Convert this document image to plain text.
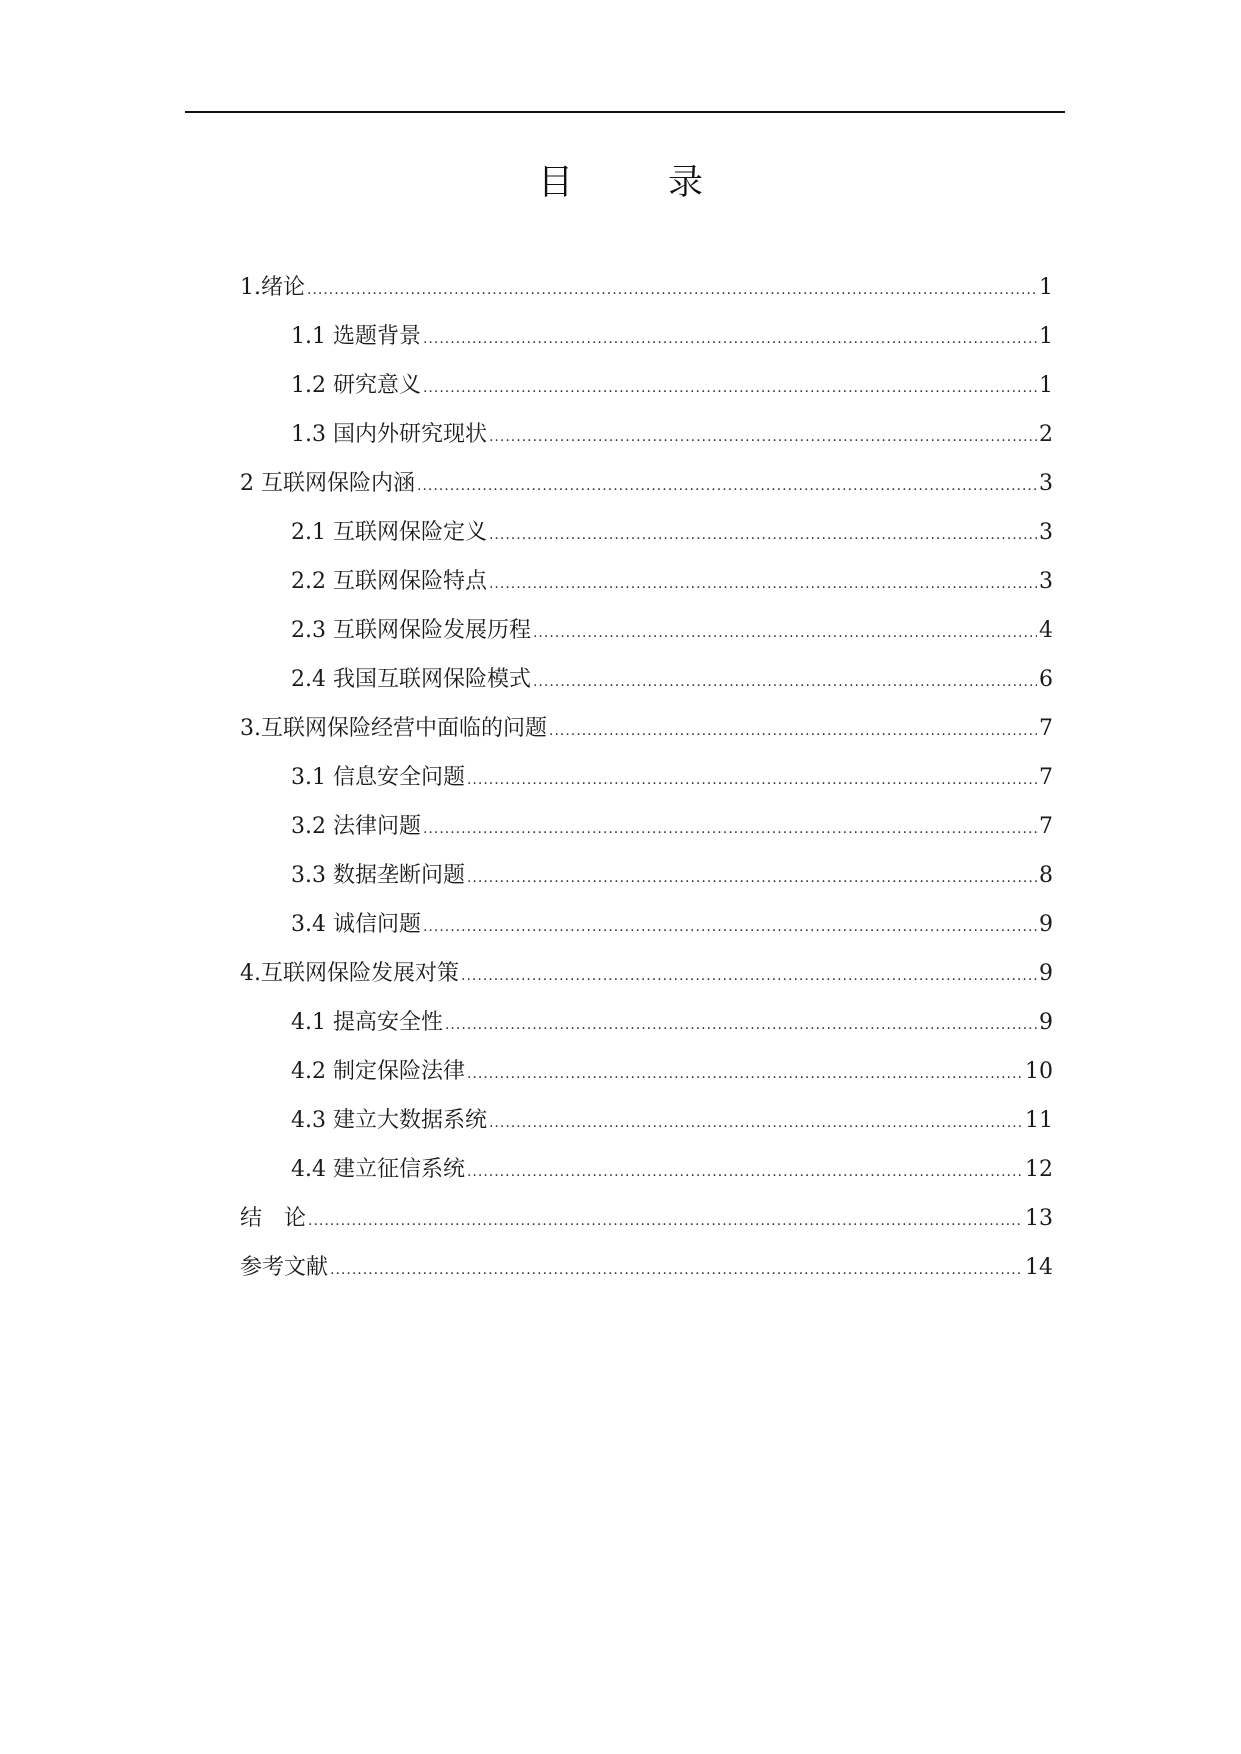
目　录
1.绪论 .....	1
1.1 选题背景 .....	1
1.2 研究意义 .....	1
1.3 国内外研究现状 .....	2
2 互联网保险内涵 .....	3
2.1 互联网保险定义 .....	3
2.2 互联网保险特点 .....	3
2.3 互联网保险发展历程 .....	4
2.4 我国互联网保险模式 .....	6
3.互联网保险经营中面临的问题 .....	7
3.1 信息安全问题 .....	7
3.2 法律问题 .....	7
3.3 数据垄断问题 .....	8
3.4 诚信问题 .....	9
4.互联网保险发展对策 .....	9
4.1 提高安全性 .....	9
4.2 制定保险法律 .....	10
4.3 建立大数据系统 .....	11
4.4 建立征信系统 .....	12
结　论 .....	13
参考文献 .....	14
